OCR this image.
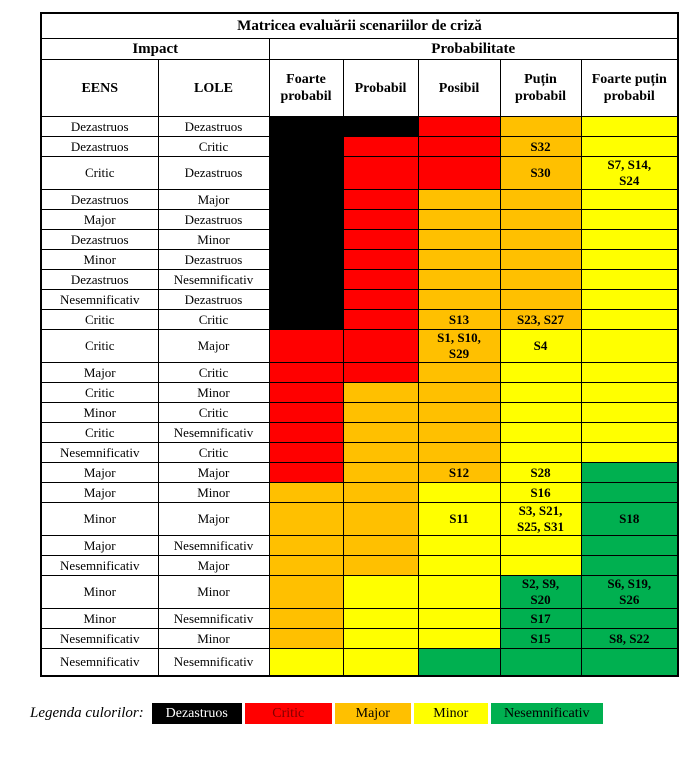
Matricea evaluării scenariilor de criză						
Impact		Probabilitate				
EENS	LOLE	Foarte probabil	Probabil	Posibil	Puțin probabil	Foarte puțin probabil
Dezastruos	Dezastruos					
Dezastruos	Critic				S32	
Critic	Dezastruos				S30	S7, S14, S24
Dezastruos	Major					
Major	Dezastruos					
Dezastruos	Minor					
Minor	Dezastruos					
Dezastruos	Nesemnificativ					
Nesemnificativ	Dezastruos					
Critic	Critic			S13	S23, S27	
Critic	Major			S1, S10, S29	S4	
Major	Critic					
Critic	Minor					
Minor	Critic					
Critic	Nesemnificativ					
Nesemnificativ	Critic					
Major	Major			S12	S28	
Major	Minor				S16	
Minor	Major			S11	S3, S21, S25, S31	S18
Major	Nesemnificativ					
Nesemnificativ	Major					
Minor	Minor				S2, S9, S20	S6, S19, S26
Minor	Nesemnificativ				S17	
Nesemnificativ	Minor				S15	S8, S22
Nesemnificativ	Nesemnificativ					
Legenda culorilor:	Dezastruos	Critic	Major	Minor	Nesemnificativ
